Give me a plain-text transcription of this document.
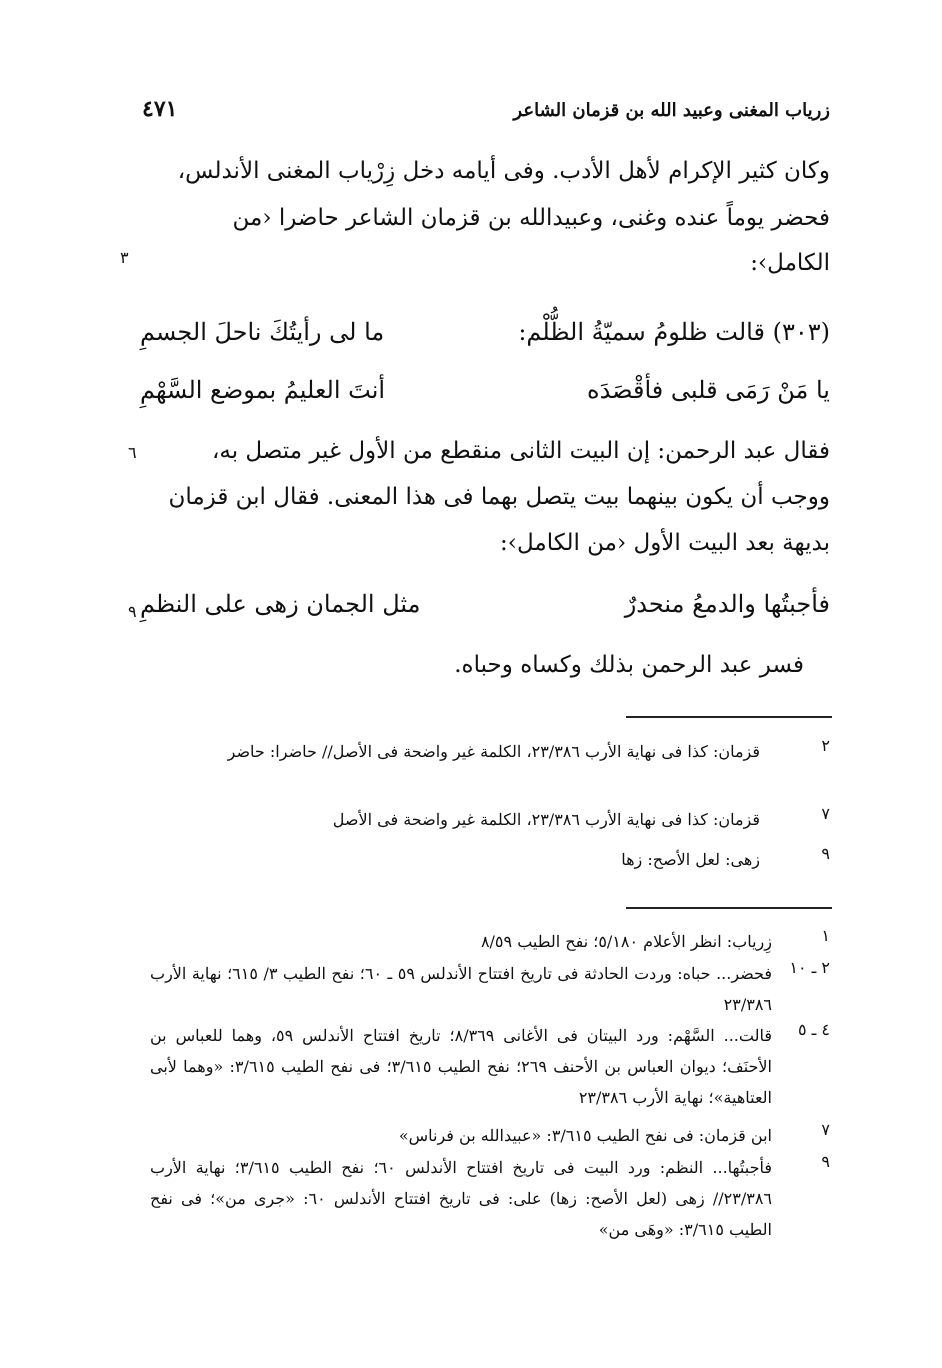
زرياب المغنى وعبيد الله بن قزمان الشاعر
٤٧١
وكان كثير الإكرام لأهل الأدب. وفى أيامه دخل زِرْياب المغنى الأندلس،
فحضر يوماً عنده وغنى، وعبيدالله بن قزمان الشاعر حاضرا ‹من
الكامل›:
٣
(٣٠٣) قالت ظلومُ سميّةُ الظُّلْم:
ما لى رأيتُكَ ناحلَ الجسمِ
يا مَنْ رَمَى قلبى فأقْصَدَه
أنتَ العليمُ بموضع السَّهْمِ
فقال عبد الرحمن: إن البيت الثانى منقطع من الأول غير متصل به،
٦
ووجب أن يكون بينهما بيت يتصل بهما فى هذا المعنى. فقال ابن قزمان
بديهة بعد البيت الأول ‹من الكامل›:
فأجبتُها والدمعُ منحدرٌ
مثل الجمان زهى على النظمِ
٩
فسر عبد الرحمن بذلك وكساه وحباه.
٢
قزمان: كذا فى نهاية الأرب ٢٣/٣٨٦، الكلمة غير واضحة فى الأصل// حاضرا: حاضر
٧
قزمان: كذا فى نهاية الأرب ٢٣/٣٨٦، الكلمة غير واضحة فى الأصل
٩
زهى: لعل الأصح: زها
١
زِرياب: انظر الأعلام ٥/١٨٠؛ نفح الطيب ٨/٥٩
٢ ـ ١٠
فحضر... حباه: وردت الحادثة فى تاريخ افتتاح الأندلس ٥٩ ـ ٦٠؛ نفح الطيب ٣/ ٦١٥؛ نهاية الأرب ٢٣/٣٨٦
٤ ـ ٥
قالت... السَّهْم: ورد البيتان فى الأغانى ٨/٣٦٩؛ تاريخ افتتاح الأندلس ٥٩، وهما للعباس بن الأحنَف؛ ديوان العباس بن الأحنف ٢٦٩؛ نفح الطيب ٣/٦١٥؛ فى نفح الطيب ٣/٦١٥: «وهما لأبى العتاهية»؛ نهاية الأرب ٢٣/٣٨٦
٧
ابن قزمان: فى نفح الطيب ٣/٦١٥: «عبيدالله بن فرناس»
٩
فأجبتُها... النظم: ورد البيت فى تاريخ افتتاح الأندلس ٦٠؛ نفح الطيب ٣/٦١٥؛ نهاية الأرب ٢٣/٣٨٦// زهى (لعل الأصح: زها) على: فى تاريخ افتتاح الأندلس ٦٠: «جرى من»؛ فى نفح الطيب ٣/٦١٥: «وهَى من»
